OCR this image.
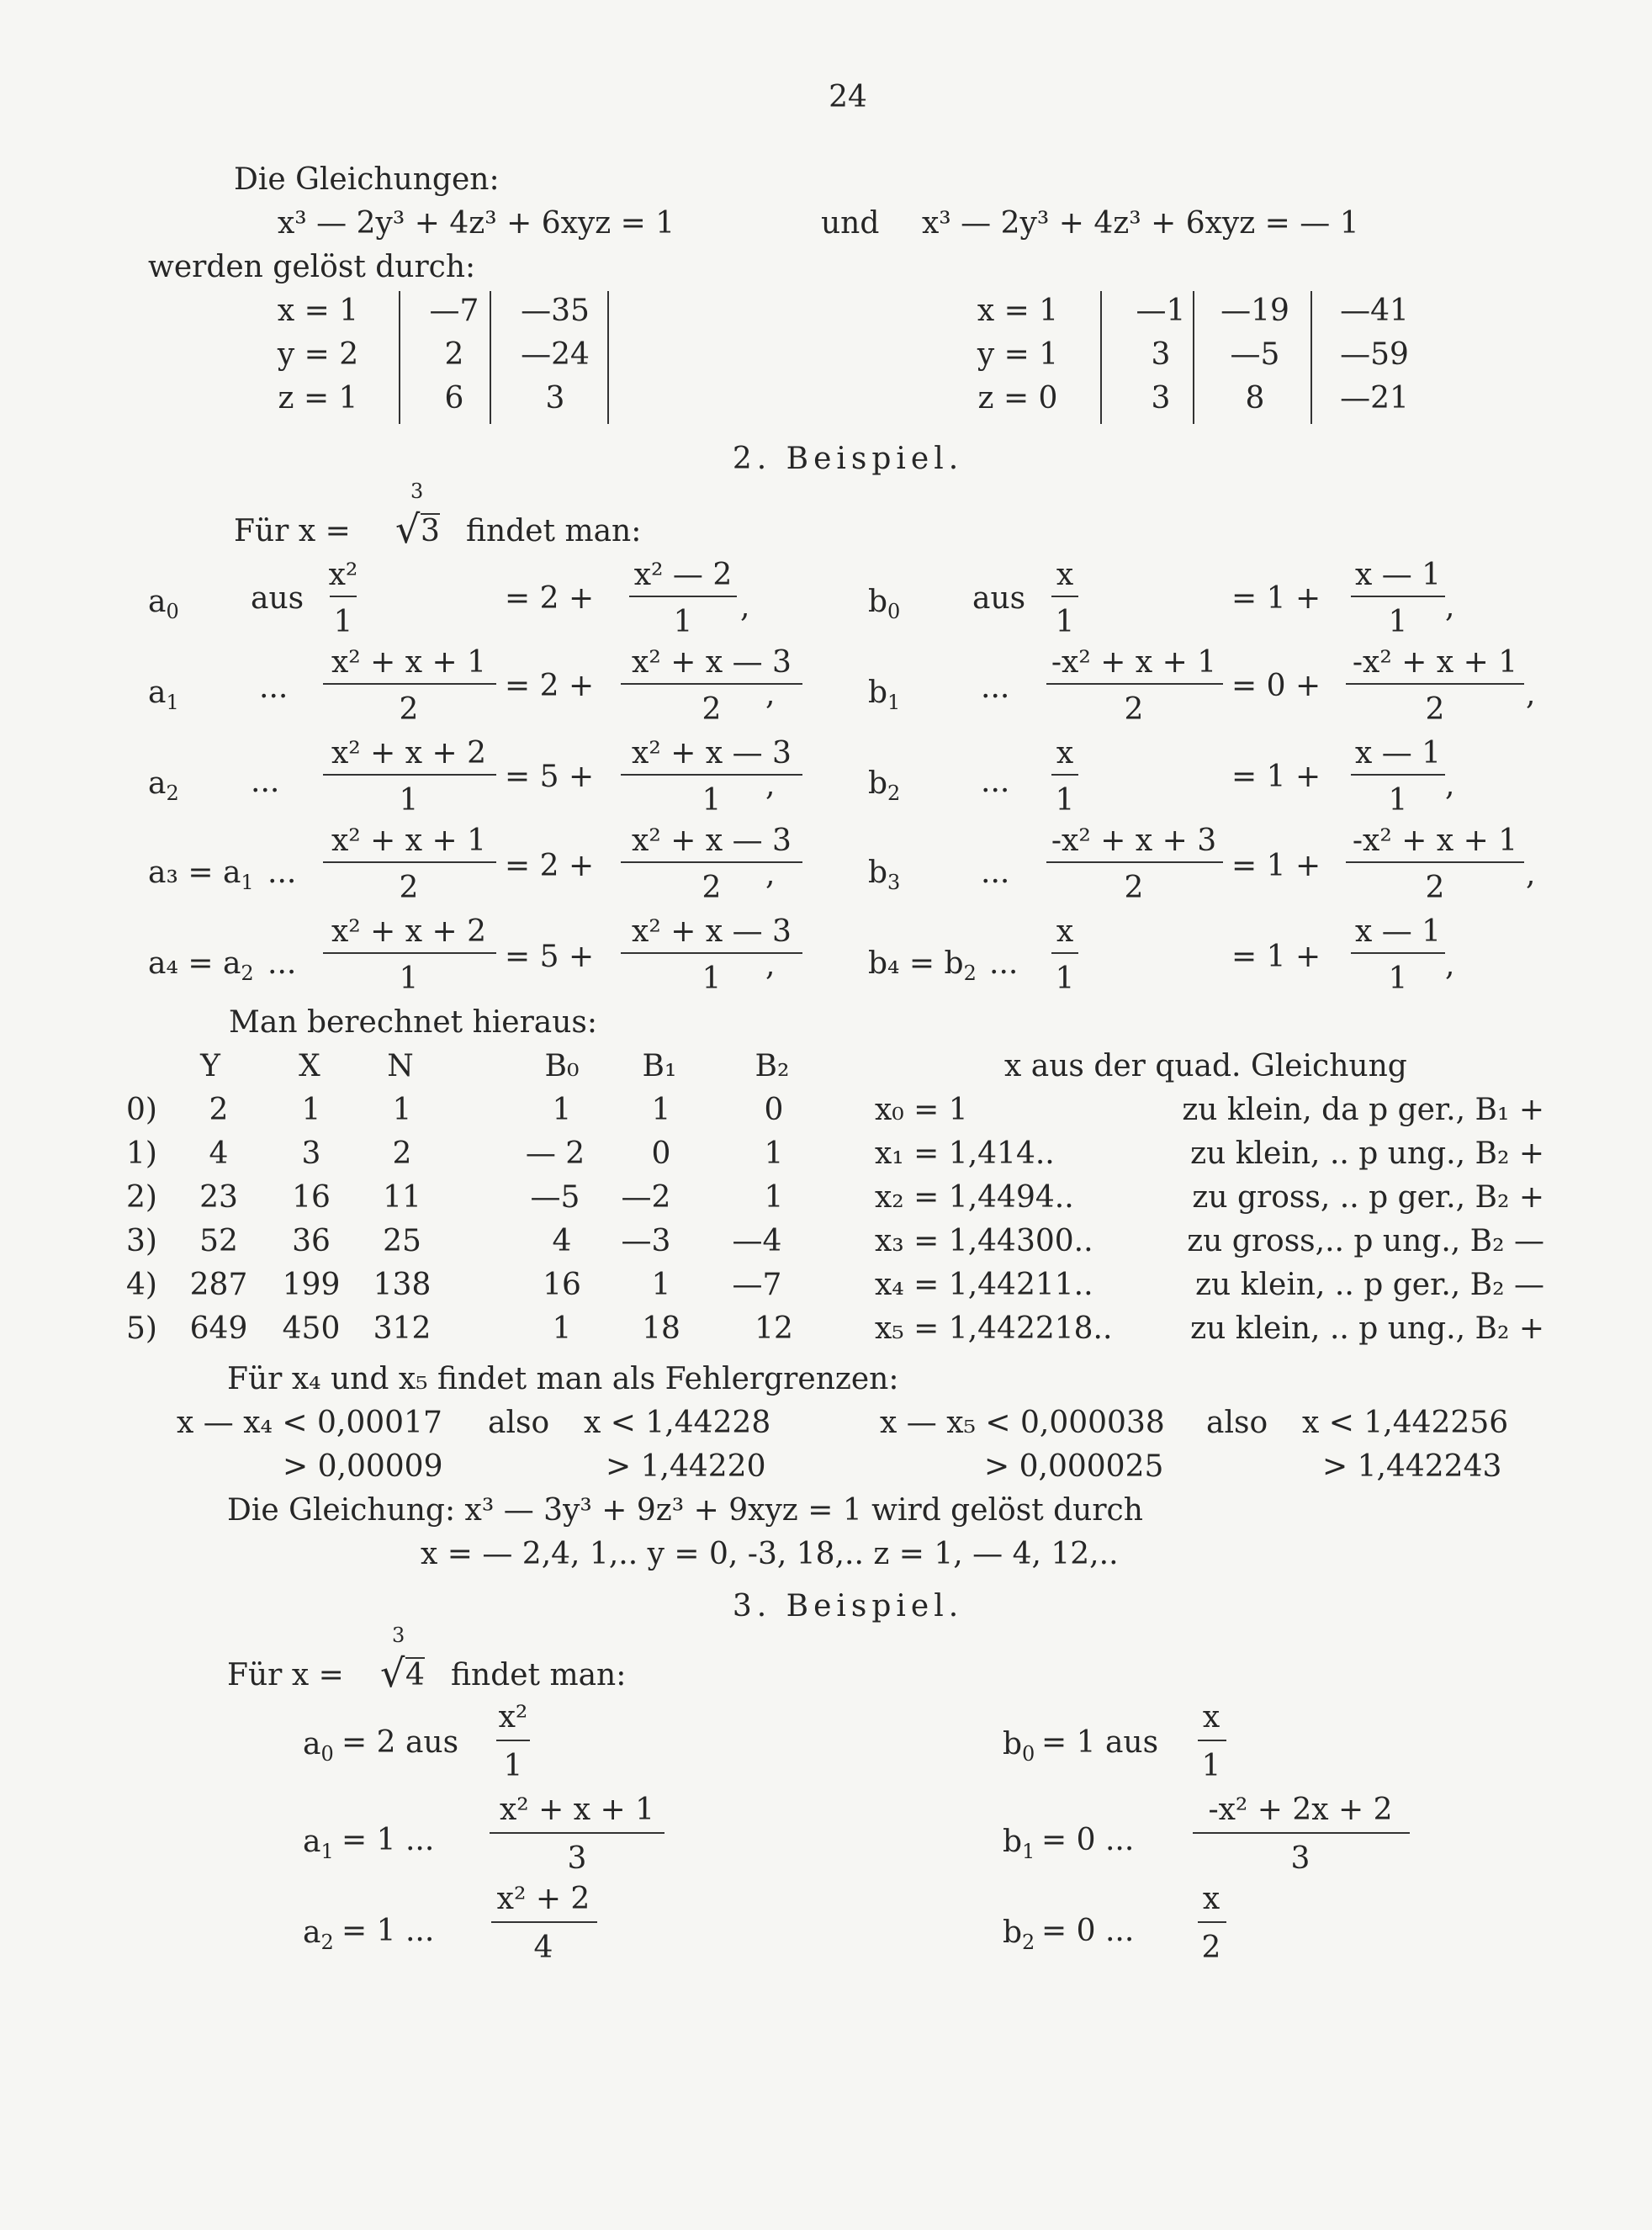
24
Die Gleichungen:
x³ — 2y³ + 4z³ + 6xyz = 1	und x³ — 2y³ + 4z³ + 6xyz = — 1
werden gelöst durch:
x = 1 —7 —35
y = 2	2 —24
z = 1	6	3
x = 1	—1 —19 —41
y = 1	3 —5 —59
z = 0	3 8 —21
2. Beispiel.
3
Für x = √ 3 findet man:
$a_0$ aus
x²
1
= 2 +
x² — 2
1 ,
$a_1$	...
x² + x + 1
2
= 2 +
x² + x — 3
2 ,
$a_2$ ...
x² + x + 2
1
= 5 +
x² + x — 3
1 ,
$a_3 = a_1$ ...
x² + x + 1
2
= 2 +
x² + x — 3
2 ,
$a_4 = a_2$ ...
x² + x + 2
1
= 5 +
x² + x — 3
1 ,
$b_0$ aus
x
1
= 1 +
x — 1
1 ,
$b_1$	...
-x² + x + 1
2
= 0 +
-x² + x + 1
2	,
$b_2$	...
x
1
= 1 +
x — 1
1 ,
$b_3$	...
-x² + x + 3
2
= 1 +
-x² + x + 1
2	,
$b_4 = b_2$ ...
x
1
= 1 +
x — 1
1 ,
Man berechnet hieraus:
Y	X N	B₀ B₁	B₂	x aus der quad. Gleichung
0) 2 1 1	1	1	0	x₀ = 1	zu klein, da p ger., B₁ +
1) 4 3 2	— 2 0	1	x₁ = 1,414..	zu klein, .. p ung., B₂ +
2) 23 16 11	—5 —2	1	x₂ = 1,4494..	zu gross, .. p ger., B₂ +
3) 52 36 25	4 —3 —4	x₃ = 1,44300..	zu gross,.. p ung., B₂ —
4) 287 199 138	16 1 —7	x₄ = 1,44211..	zu klein, .. p ger., B₂ —
5) 649 450 312	1 18 12	x₅ = 1,442218..	zu klein, .. p ung., B₂ +
Für x₄ und x₅ findet man als Fehlergrenzen:
x — x₄ < 0,00017 also x < 1,44228	x — x₅ < 0,000038 also x < 1,442256
> 0,00009	> 1,44220	> 0,000025	> 1,442243
Die Gleichung: x³ — 3y³ + 9z³ + 9xyz = 1 wird gelöst durch
x = — 2,4, 1,.. y = 0, -3, 18,.. z = 1, — 4, 12,..
3. Beispiel.
3
Für x = √ 4 findet man:
$a_0 = 2$ aus
x²
1
$a_1 = 1$ ...
x² + x + 1
3
$a_2 = 1$ ...
x² + 2
4
$b_0 = 1$ aus
x
1
$b_1 = 0$ ...
-x² + 2x + 2
3
$b_2 = 0$ ...
x
2
